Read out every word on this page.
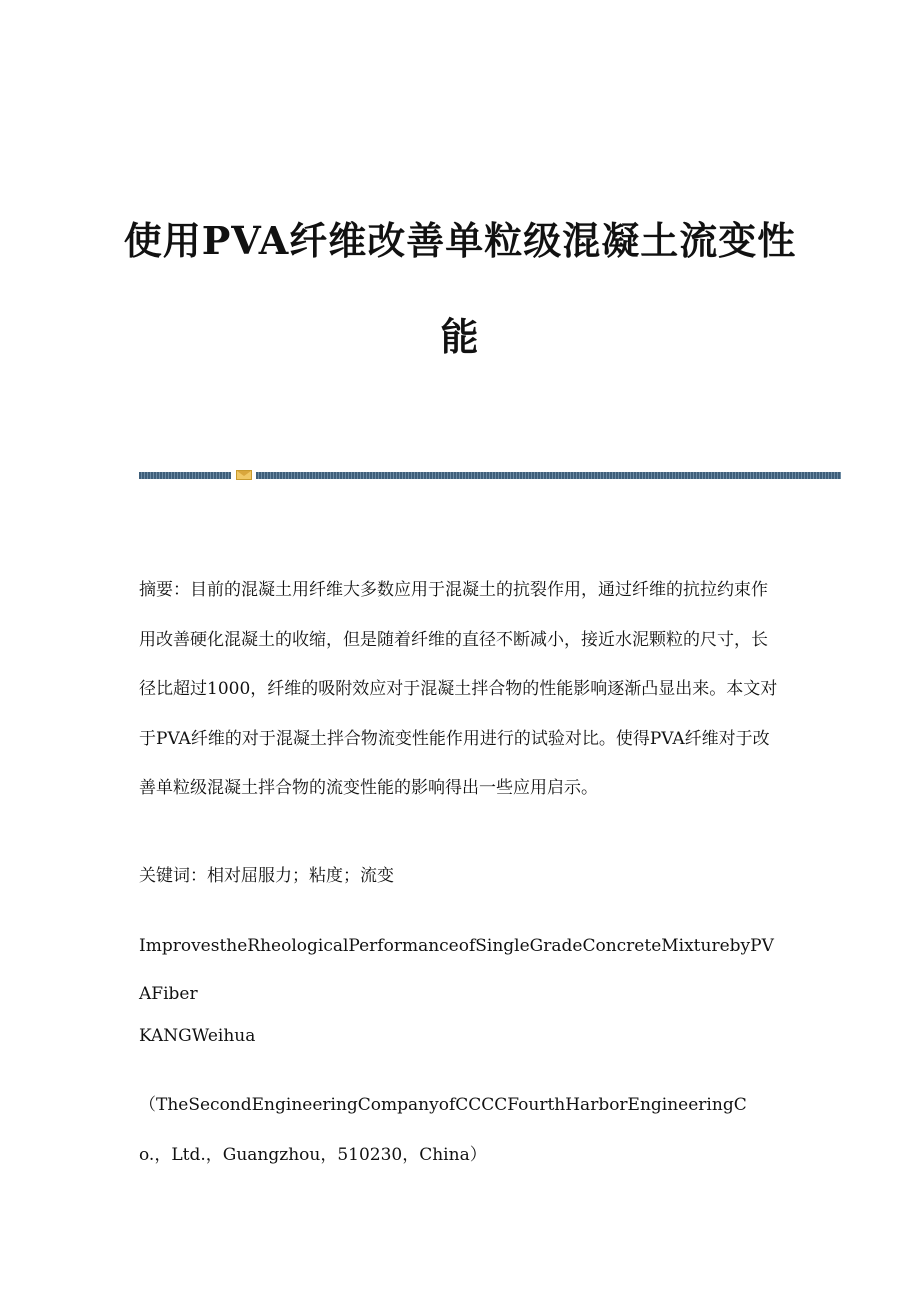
使用PVA纤维改善单粒级混凝土流变性
能

摘要：目前的混凝土用纤维大多数应用于混凝土的抗裂作用，通过纤维的抗拉约束作用改善硬化混凝土的收缩，但是随着纤维的直径不断减小，接近水泥颗粒的尺寸，长径比超过1000，纤维的吸附效应对于混凝土拌合物的性能影响逐渐凸显出来。本文对于PVA纤维的对于混凝土拌合物流变性能作用进行的试验对比。使得PVA纤维对于改善单粒级混凝土拌合物的流变性能的影响得出一些应用启示。

关键词：相对屈服力；粘度；流变

ImprovestheRheologicalPerformanceofSingleGradeConcreteMixturebyPVAFiber

KANGWeihua

（TheSecondEngineeringCompanyofCCCCFourthHarborEngineeringCo.，Ltd.，Guangzhou，510230，China）
